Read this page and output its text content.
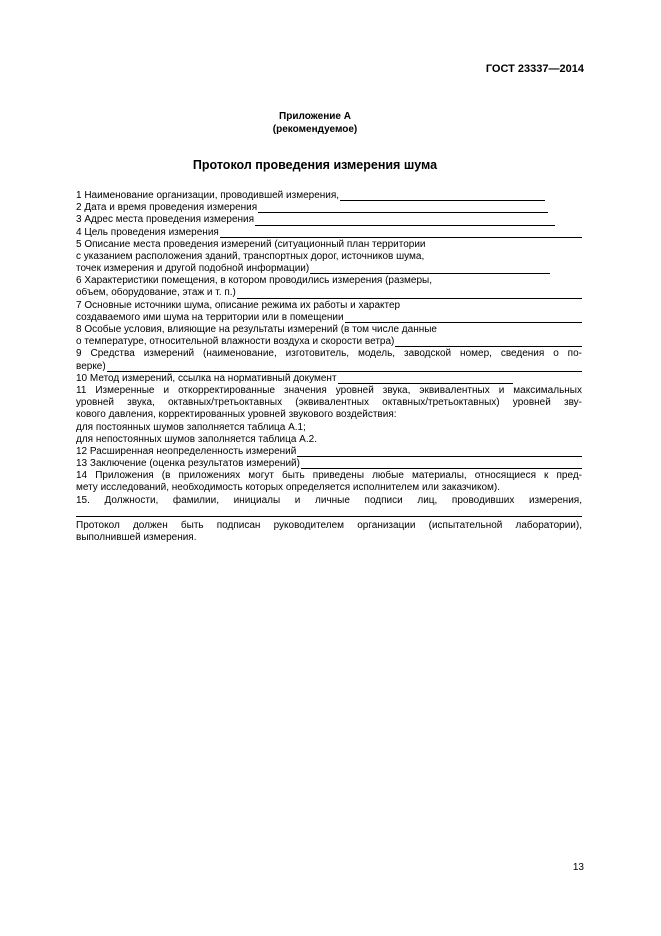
ГОСТ 23337—2014
Приложение А
(рекомендуемое)
Протокол проведения измерения шума
1 Наименование организации, проводившей измерения,
2 Дата и время проведения измерения
3 Адрес места проведения измерения
4 Цель проведения измерения
5 Описание места проведения измерений (ситуационный план территории
с указанием расположения зданий, транспортных дорог, источников шума,
точек измерения и другой подобной информации)
6 Характеристики помещения, в котором проводились измерения (размеры,
объем, оборудование, этаж и т. п.)
7 Основные источники шума, описание режима их работы и характер
создаваемого ими шума на территории или в помещении
8 Особые условия, влияющие на результаты измерений (в том числе данные
о температуре, относительной влажности воздуха и скорости ветра)
9 Средства измерений (наименование, изготовитель, модель, заводской номер, сведения о по-
верке)
10 Метод измерений, ссылка на нормативный документ
11 Измеренные и откорректированные значения уровней звука, эквивалентных и максимальных
уровней звука, октавных/третьоктавных (эквивалентных октавных/третьоктавных) уровней зву-
кового давления, корректированных уровней звукового воздействия:
для постоянных шумов заполняется таблица А.1;
для непостоянных шумов заполняется таблица А.2.
12 Расширенная неопределенность измерений
13 Заключение (оценка результатов измерений)
14 Приложения (в приложениях могут быть приведены любые материалы, относящиеся к пред-
мету исследований, необходимость которых определяется исполнителем или заказчиком).
15. Должности, фамилии, инициалы и личные подписи лиц, проводивших измерения,
Протокол должен быть подписан руководителем организации (испытательной лаборатории),
выполнившей измерения.
13
